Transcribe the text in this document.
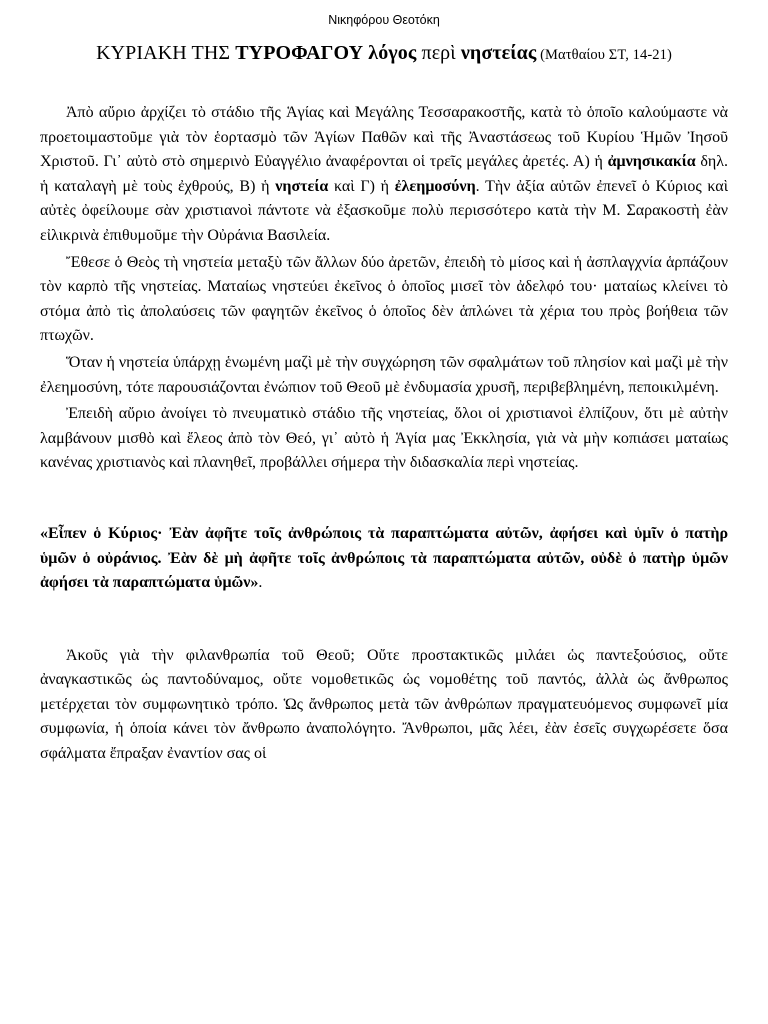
Νικηφόρου Θεοτόκη
ΚΥΡΙΑΚΗ ΤΗΣ ΤΥΡΟΦΑΓΟΥ λόγος περὶ νηστείας (Ματθαίου ΣΤ, 14-21)

Ἀπὸ αὔριο ἀρχίζει τὸ στάδιο τῆς Ἁγίας καὶ Μεγάλης Τεσσαρακοστῆς, κατὰ τὸ ὁποῖο καλούμαστε νὰ προετοιμαστοῦμε γιὰ τὸν ἑορτασμὸ τῶν Ἁγίων Παθῶν καὶ τῆς Ἀναστάσεως τοῦ Κυρίου Ἡμῶν Ἰησοῦ Χριστοῦ. Γι᾽ αὐτὸ στὸ σημερινὸ Εὐαγγέλιο ἀναφέρονται οἱ τρεῖς μεγάλες ἀρετές. Α) ἡ ἀμνησικακία δηλ. ἡ καταλαγὴ μὲ τοὺς ἐχθρούς, Β) ἡ νηστεία καὶ Γ) ἡ ἐλεημοσύνη. Τὴν ἀξία αὐτῶν ἐπενεῖ ὁ Κύριος καὶ αὐτὲς ὀφείλουμε σὰν χριστιανοὶ πάντοτε νὰ ἐξασκοῦμε πολὺ περισσότερο κατὰ τὴν Μ. Σαρακοστὴ ἐὰν εἰλικρινὰ ἐπιθυμοῦμε τὴν Οὐράνια Βασιλεία.

Ἔθεσε ὁ Θεὸς τὴ νηστεία μεταξὺ τῶν ἄλλων δύο ἀρετῶν, ἐπειδὴ τὸ μίσος καὶ ἡ ἀσπλαγχνία ἁρπάζουν τὸν καρπὸ τῆς νηστείας. Ματαίως νηστεύει ἐκεῖνος ὁ ὁποῖος μισεῖ τὸν ἀδελφό του· ματαίως κλείνει τὸ στόμα ἀπὸ τὶς ἀπολαύσεις τῶν φαγητῶν ἐκεῖνος ὁ ὁποῖος δὲν ἁπλώνει τὰ χέρια του πρὸς βοήθεια τῶν πτωχῶν.

Ὅταν ἡ νηστεία ὑπάρχῃ ἑνωμένη μαζὶ μὲ τὴν συγχώρηση τῶν σφαλμάτων τοῦ πλησίον καὶ μαζὶ μὲ τὴν ἐλεημοσύνη, τότε παρουσιάζονται ἐνώπιον τοῦ Θεοῦ μὲ ἐνδυμασία χρυσῆ, περιβεβλημένη, πεποικιλμένη.

Ἐπειδὴ αὔριο ἀνοίγει τὸ πνευματικὸ στάδιο τῆς νηστείας, ὅλοι οἱ χριστιανοὶ ἐλπίζουν, ὅτι μὲ αὐτὴν λαμβάνουν μισθὸ καὶ ἔλεος ἀπὸ τὸν Θεό, γι᾽ αὐτὸ ἡ Ἁγία μας Ἐκκλησία, γιὰ νὰ μὴν κοπιάσει ματαίως κανένας χριστιανὸς καὶ πλανηθεῖ, προβάλλει σήμερα τὴν διδασκαλία περὶ νηστείας.

«Εἶπεν ὁ Κύριος· Ἐὰν ἀφῆτε τοῖς ἀνθρώποις τὰ παραπτώματα αὐτῶν, ἀφήσει καὶ ὑμῖν ὁ πατὴρ ὑμῶν ὁ οὐράνιος. Ἐὰν δὲ μὴ ἀφῆτε τοῖς ἀνθρώποις τὰ παραπτώματα αὐτῶν, οὐδὲ ὁ πατὴρ ὑμῶν ἀφήσει τὰ παραπτώματα ὑμῶν».

Ἀκοῦς γιὰ τὴν φιλανθρωπία τοῦ Θεοῦ; Οὔτε προστακτικῶς μιλάει ὡς παντεξούσιος, οὔτε ἀναγκαστικῶς ὡς παντοδύναμος, οὔτε νομοθετικῶς ὡς νομοθέτης τοῦ παντός, ἀλλὰ ὡς ἄνθρωπος μετέρχεται τὸν συμφωνητικὸ τρόπο. Ὡς ἄνθρωπος μετὰ τῶν ἀνθρώπων πραγματευόμενος συμφωνεῖ μία συμφωνία, ἡ ὁποία κάνει τὸν ἄνθρωπο ἀναπολόγητο. Ἄνθρωποι, μᾶς λέει, ἐὰν ἐσεῖς συγχωρέσετε ὅσα σφάλματα ἔπραξαν ἐναντίον σας οἱ
